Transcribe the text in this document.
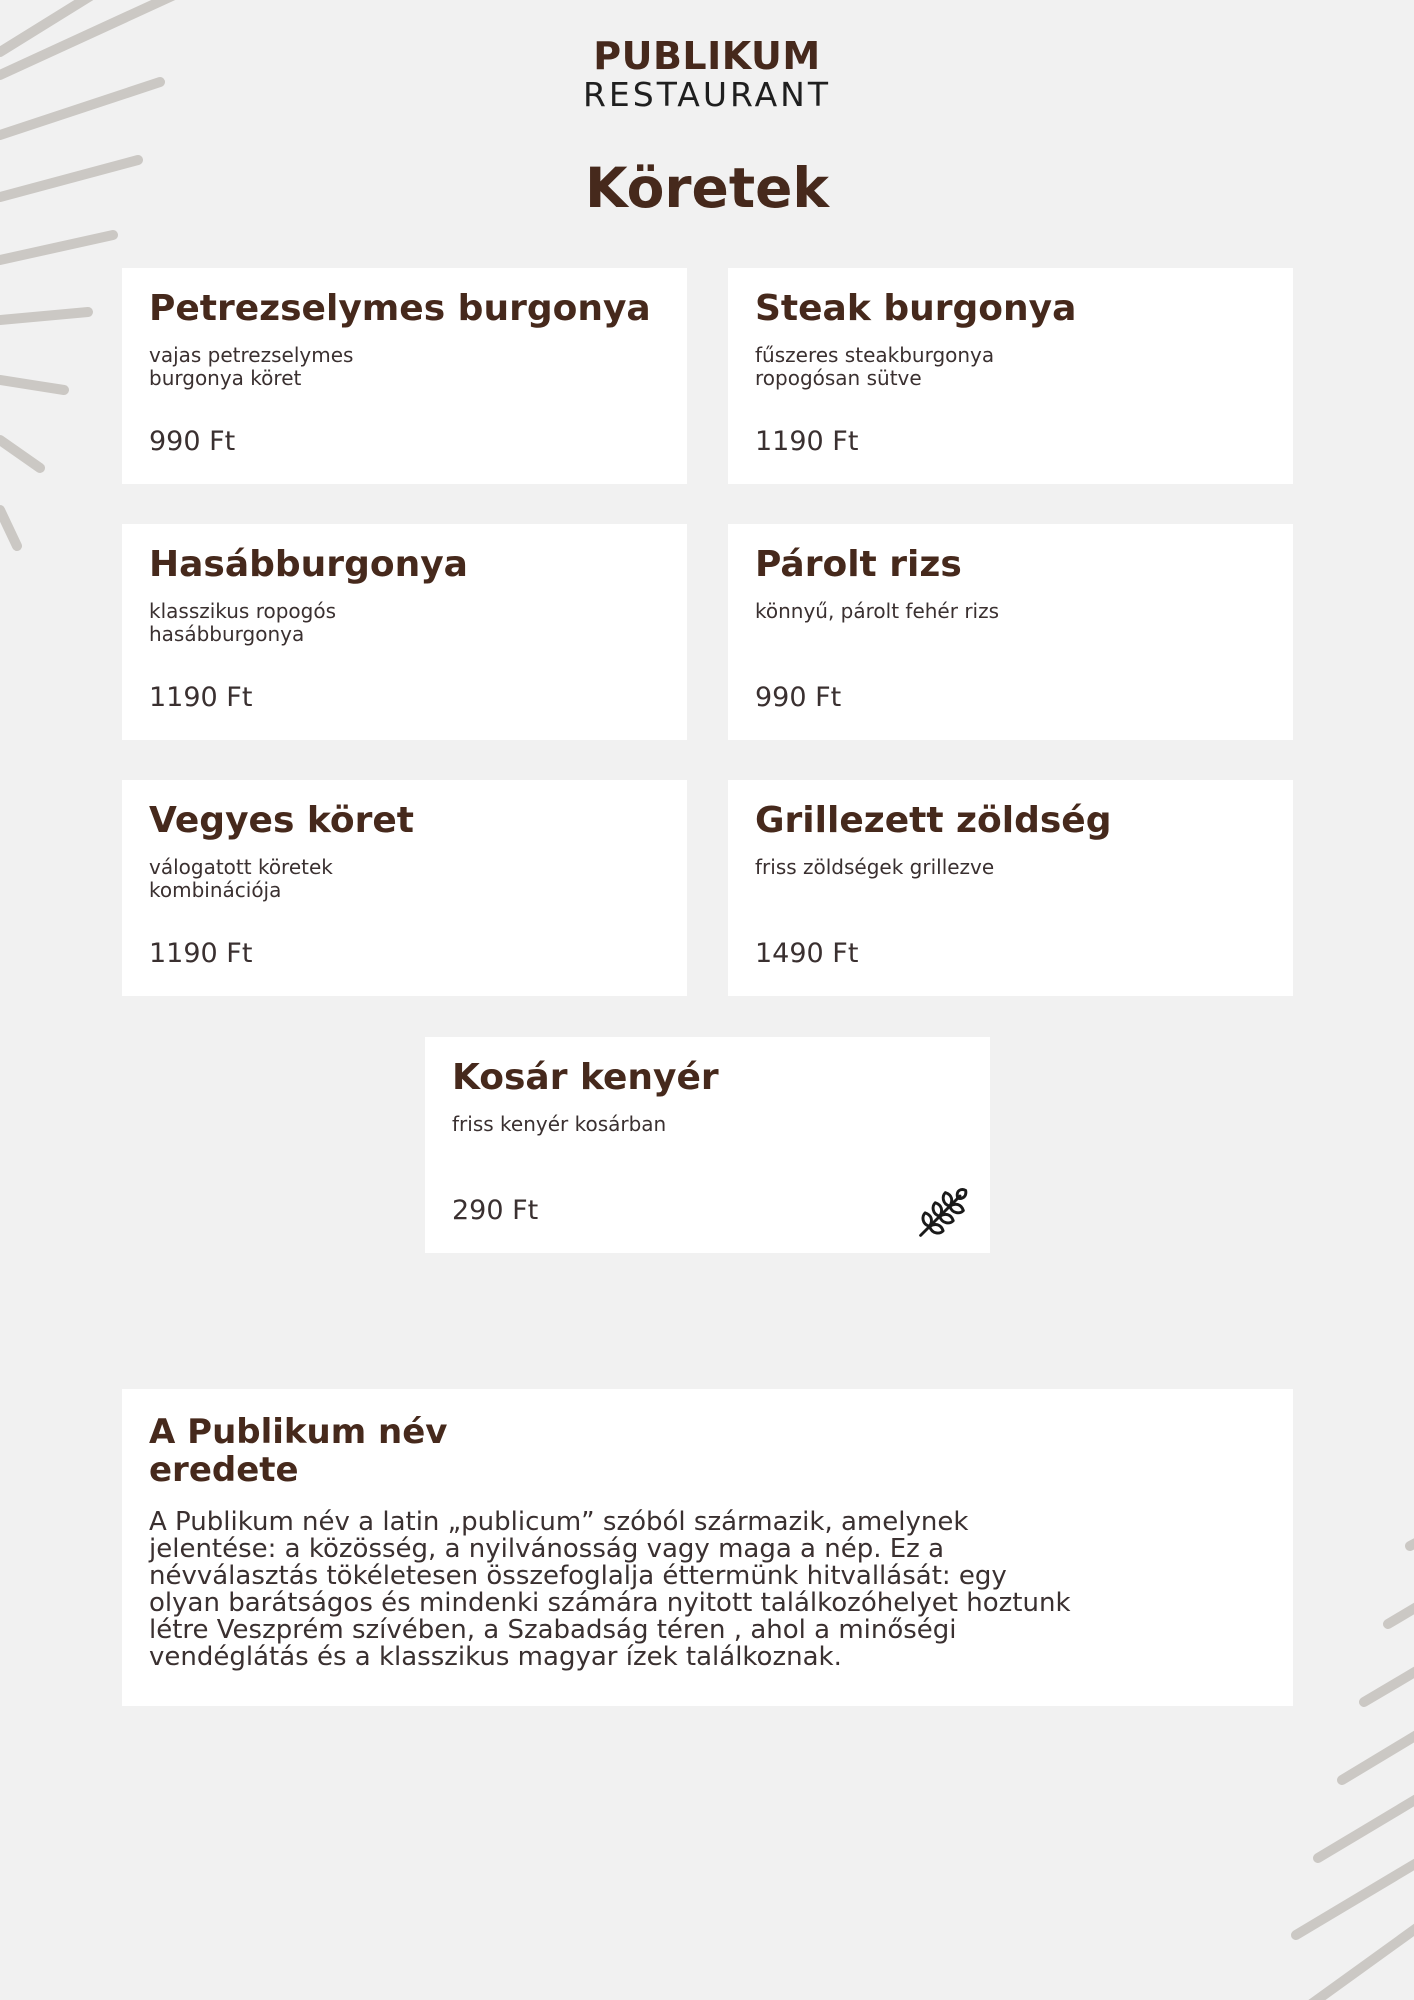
PUBLIKUM
RESTAURANT
Köretek
Petrezselymes burgonya
vajas petrezselymes burgonya köret
990 Ft
Steak burgonya
fűszeres steakburgonya ropogósan sütve
1190 Ft
Hasábburgonya
klasszikus ropogós hasábburgonya
1190 Ft
Párolt rizs
könnyű, párolt fehér rizs
990 Ft
Vegyes köret
válogatott köretek kombinációja
1190 Ft
Grillezett zöldség
friss zöldségek grillezve
1490 Ft
Kosár kenyér
friss kenyér kosárban
290 Ft
A Publikum név eredete
A Publikum név a latin „publicum” szóból származik, amelynek jelentése: a közösség, a nyilvánosság vagy maga a nép. Ez a névválasztás tökéletesen összefoglalja éttermünk hitvallását: egy olyan barátságos és mindenki számára nyitott találkozóhelyet hoztunk létre Veszprém szívében, a Szabadság téren , ahol a minőségi vendéglátás és a klasszikus magyar ízek találkoznak.
